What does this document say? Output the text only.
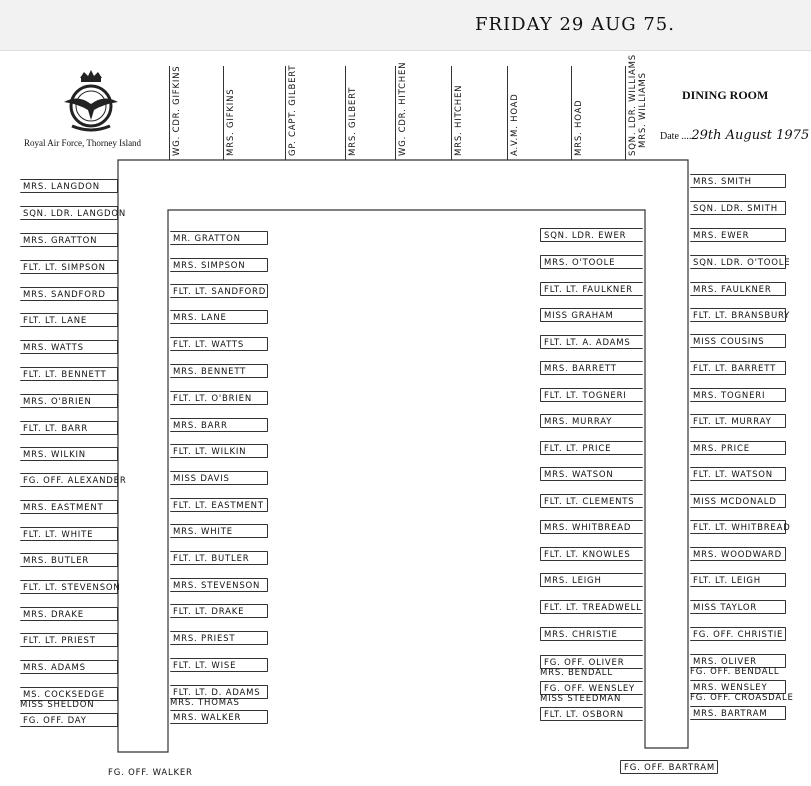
FRIDAY 29 AUG 75.
Royal Air Force, Thorney Island
DINING ROOM
Date ....29th August 1975
WG. CDR. GIFKINS	MRS. GIFKINS	GP. CAPT. GILBERT	MRS. GILBERT	WG. CDR. HITCHEN	MRS. HITCHEN	A.V.M. HOAD	MRS. HOAD	SQN. LDR. WILLIAMS MRS. WILLIAMS
MRS. LANGDON
SQN. LDR. LANGDON
MRS. GRATTON
FLT. LT. SIMPSON
MRS. SANDFORD
FLT. LT. LANE
MRS. WATTS
FLT. LT. BENNETT
MRS. O'BRIEN
FLT. LT. BARR
MRS. WILKIN
FG. OFF. ALEXANDER
MRS. EASTMENT
FLT. LT. WHITE
MRS. BUTLER
FLT. LT. STEVENSON
MRS. DRAKE
FLT. LT. PRIEST
MRS. ADAMS
MS. COCKSEDGE
MISS SHELDON
FG. OFF. DAY
MR. GRATTON
MRS. SIMPSON
FLT. LT. SANDFORD
MRS. LANE
FLT. LT. WATTS
MRS. BENNETT
FLT. LT. O'BRIEN
MRS. BARR
FLT. LT. WILKIN
MISS DAVIS
FLT. LT. EASTMENT
MRS. WHITE
FLT. LT. BUTLER
MRS. STEVENSON
FLT. LT. DRAKE
MRS. PRIEST
FLT. LT. WISE
FLT. LT. D. ADAMS
MRS. THOMAS
MRS. WALKER
SQN. LDR. EWER
MRS. O'TOOLE
FLT. LT. FAULKNER
MISS GRAHAM
FLT. LT. A. ADAMS
MRS. BARRETT
FLT. LT. TOGNERI
MRS. MURRAY
FLT. LT. PRICE
MRS. WATSON
FLT. LT. CLEMENTS
MRS. WHITBREAD
FLT. LT. KNOWLES
MRS. LEIGH
FLT. LT. TREADWELL
MRS. CHRISTIE
FG. OFF. OLIVER
MRS. BENDALL
FG. OFF. WENSLEY
MISS STEEDMAN
FLT. LT. OSBORN
MRS. SMITH
SQN. LDR. SMITH
MRS. EWER
SQN. LDR. O'TOOLE
MRS. FAULKNER
FLT. LT. BRANSBURY
MISS COUSINS
FLT. LT. BARRETT
MRS. TOGNERI
FLT. LT. MURRAY
MRS. PRICE
FLT. LT. WATSON
MISS MCDONALD
FLT. LT. WHITBREAD
MRS. WOODWARD
FLT. LT. LEIGH
MISS TAYLOR
FG. OFF. CHRISTIE
MRS. OLIVER
FG. OFF. BENDALL
MRS. WENSLEY
FG. OFF. CROASDALE
MRS. BARTRAM
FG. OFF. WALKER	FG. OFF. BARTRAM
